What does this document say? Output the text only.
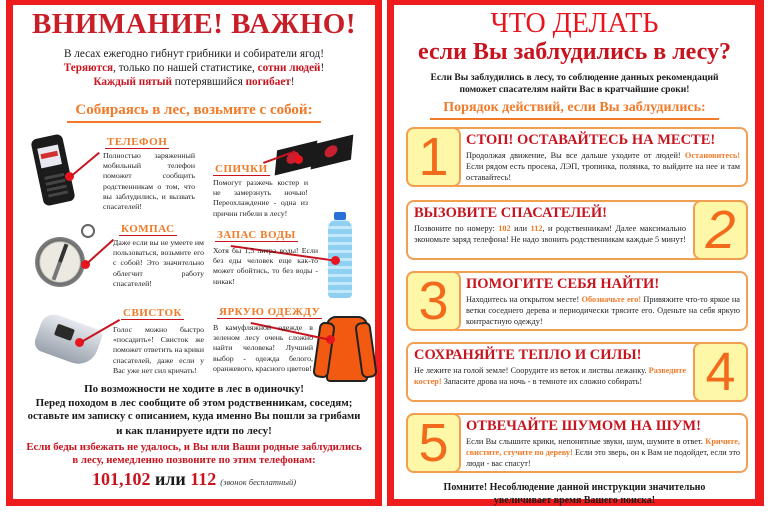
ВНИМАНИЕ! ВАЖНО!
В лесах ежегодно гибнут грибники и собиратели ягод!
Теряются, только по нашей статистике, сотни людей!
Каждый пятый потерявшийся погибает!
Собираясь в лес, возьмите с собой:
ТЕЛЕФОН
Полностью заряженный мобильный телефон поможет сообщить родственникам о том, что вы заблудились, и вызвать спасателей!
СПИЧКИ
Помогут разжечь костер и не замерзнуть ночью! Переохлаждение - одна из причин гибели в лесу!
КОМПАС
Даже если вы не умеете им пользоваться, возьмите его с собой! Это значительно облегчит работу спасателей!
ЗАПАС ВОДЫ
Хотя бы 1,5 литра воды! Если без еды человек еще как-то может обойтись, то без воды - никак!
СВИСТОК
Голос можно быстро «посадить»! Свисток же поможет ответить на крики спасателей, даже если у Вас уже нет сил кричать!
ЯРКУЮ ОДЕЖДУ
В камуфляжной одежде в зеленом лесу очень сложно найти человека! Лучший выбор - одежда белого, оранжевого, красного цветов!
По возможности не ходите в лес в одиночку!
Перед походом в лес сообщите об этом родственникам, соседям;
оставьте им записку с описанием, куда именно Вы пошли за грибами
и как планируете идти по лесу!
Если беды избежать не удалось, и Вы или Ваши родные заблудились
в лесу, немедленно позвоните по этим телефонам:
101,102 или 112 (звонок бесплатный)
ЧТО ДЕЛАТЬ
если Вы заблудились в лесу?
Если Вы заблудились в лесу, то соблюдение данных рекомендаций
поможет спасателям найти Вас в кратчайшие сроки!
Порядок действий, если Вы заблудились:
1 СТОП! ОСТАВАЙТЕСЬ НА МЕСТЕ!
Продолжая движение, Вы все дальше уходите от людей! Остановитесь! Если рядом есть просека, ЛЭП, тропинка, полянка, то выйдите на нее и там оставайтесь!
2
ВЫЗОВИТЕ СПАСАТЕЛЕЙ!
Позвоните по номеру: 102 или 112, и родственникам! Далее максимально экономьте заряд телефона! Не надо звонить родственникам каждые 5 минут!
3 ПОМОГИТЕ СЕБЯ НАЙТИ!
Находитесь на открытом месте! Обозначьте его! Привяжите что-то яркое на ветки соседнего дерева и периодически трясите его. Оденьте на себя яркую контрастную одежду!
4
СОХРАНЯЙТЕ ТЕПЛО И СИЛЫ!
Не лежите на голой земле! Соорудите из веток и листвы лежанку. Разведите костер! Запасите дрова на ночь - в темноте их сложно собирать!
5 ОТВЕЧАЙТЕ ШУМОМ НА ШУМ!
Если Вы слышите крики, непонятные звуки, шум, шумите в ответ. Кричите, свистите, стучите по дереву! Если это зверь, он к Вам не подойдет, если это люди - вас спасут!
Помните! Несоблюдение данной инструкции значительно
увеличивает время Вашего поиска!
